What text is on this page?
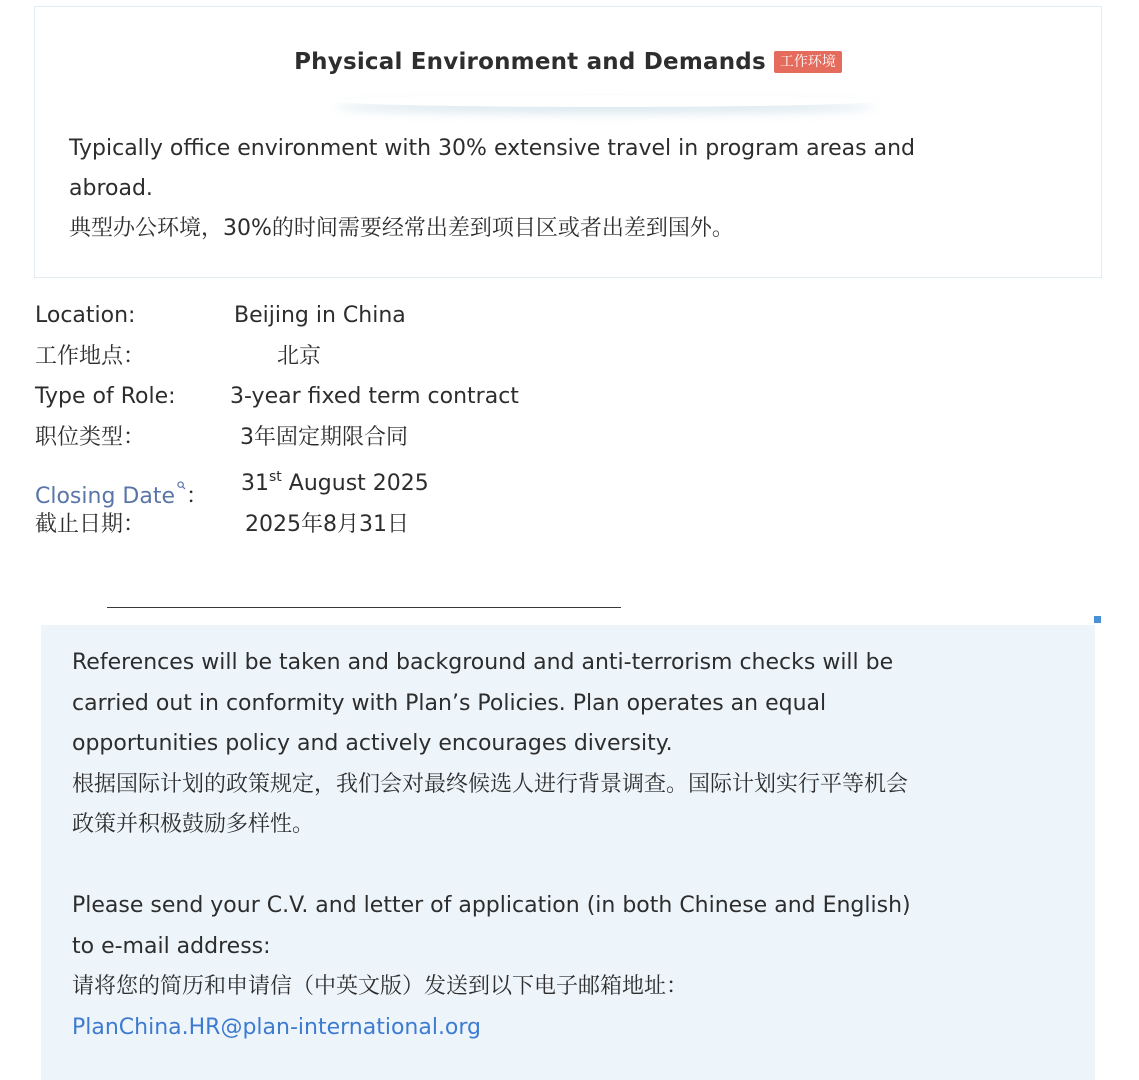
Physical Environment and Demands 工作环境

Typically office environment with 30% extensive travel in program areas and
abroad.
典型办公环境，30%的时间需要经常出差到项目区或者出差到国外。

Location:	Beijing in China
工作地点：	北京
Type of Role: 3-year fixed term contract
职位类型：	3年固定期限合同
Closing Date ：
31st August 2025
截止日期：	2025年8月31日
References will be taken and background and anti-terrorism checks will be
carried out in conformity with Plan’s Policies. Plan operates an equal
opportunities policy and actively encourages diversity.
根据国际计划的政策规定，我们会对最终候选人进行背景调查。国际计划实行平等机会
政策并积极鼓励多样性。
Please send your C.V. and letter of application (in both Chinese and English)
to e-mail address:
请将您的简历和申请信（中英文版）发送到以下电子邮箱地址：
PlanChina.HR@plan-international.org
